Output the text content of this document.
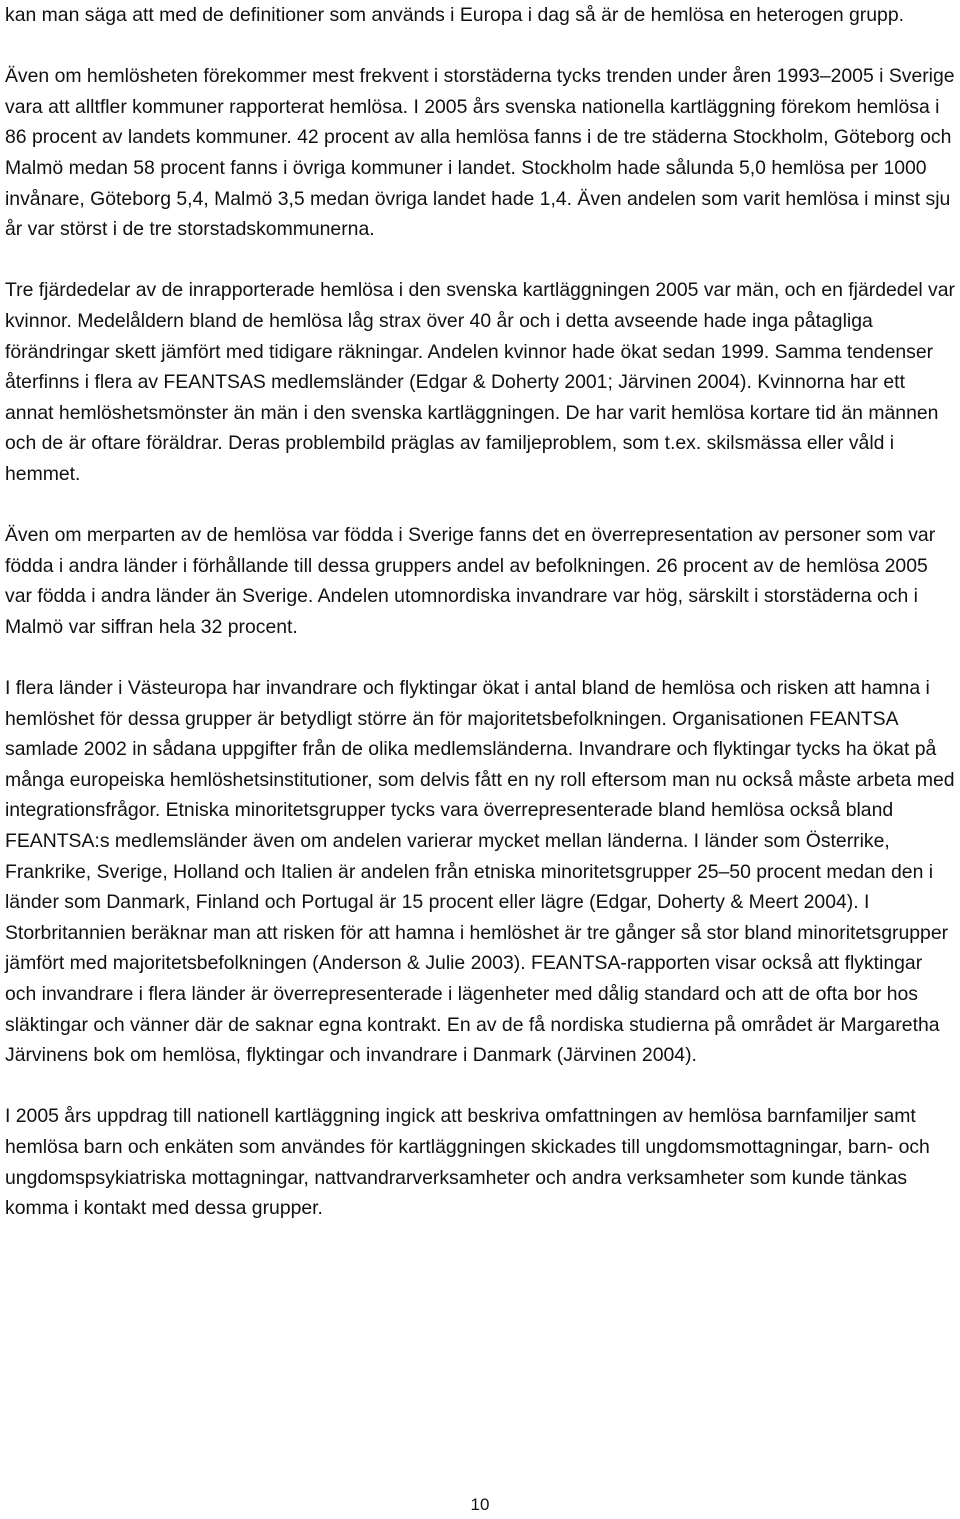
kan man säga att med de definitioner som används i Europa i dag så är de hemlösa en heterogen grupp.

Även om hemlösheten förekommer mest frekvent i storstäderna tycks trenden under åren 1993–2005 i Sverige vara att alltfler kommuner rapporterat hemlösa. I 2005 års svenska nationella kartläggning förekom hemlösa i 86 procent av landets kommuner. 42 procent av alla hemlösa fanns i de tre städerna Stockholm, Göteborg och Malmö medan 58 procent fanns i övriga kommuner i landet. Stockholm hade sålunda 5,0 hemlösa per 1000 invånare, Göteborg 5,4, Malmö 3,5 medan övriga landet hade 1,4. Även andelen som varit hemlösa i minst sju år var störst i de tre storstadskommunerna.

Tre fjärdedelar av de inrapporterade hemlösa i den svenska kartläggningen 2005 var män, och en fjärdedel var kvinnor. Medelåldern bland de hemlösa låg strax över 40 år och i detta avseende hade inga påtagliga förändringar skett jämfört med tidigare räkningar. Andelen kvinnor hade ökat sedan 1999. Samma tendenser återfinns i flera av FEANTSAS medlemsländer (Edgar & Doherty 2001; Järvinen 2004). Kvinnorna har ett annat hemlöshetsmönster än män i den svenska kartläggningen. De har varit hemlösa kortare tid än männen och de är oftare föräldrar. Deras problembild präglas av familjeproblem, som t.ex. skilsmässa eller våld i hemmet.

Även om merparten av de hemlösa var födda i Sverige fanns det en överrepresentation av personer som var födda i andra länder i förhållande till dessa gruppers andel av befolkningen. 26 procent av de hemlösa 2005 var födda i andra länder än Sverige. Andelen utomnordiska invandrare var hög, särskilt i storstäderna och i Malmö var siffran hela 32 procent.

I flera länder i Västeuropa har invandrare och flyktingar ökat i antal bland de hemlösa och risken att hamna i hemlöshet för dessa grupper är betydligt större än för majoritetsbefolkningen. Organisationen FEANTSA samlade 2002 in sådana uppgifter från de olika medlemsländerna. Invandrare och flyktingar tycks ha ökat på många europeiska hemlöshetsinstitutioner, som delvis fått en ny roll eftersom man nu också måste arbeta med integrationsfrågor. Etniska minoritetsgrupper tycks vara överrepresenterade bland hemlösa också bland FEANTSA:s medlemsländer även om andelen varierar mycket mellan länderna. I länder som Österrike, Frankrike, Sverige, Holland och Italien är andelen från etniska minoritetsgrupper 25–50 procent medan den i länder som Danmark, Finland och Portugal är 15 procent eller lägre (Edgar, Doherty & Meert 2004). I Storbritannien beräknar man att risken för att hamna i hemlöshet är tre gånger så stor bland minoritetsgrupper jämfört med majoritetsbefolkningen (Anderson & Julie 2003). FEANTSA-rapporten visar också att flyktingar och invandrare i flera länder är överrepresenterade i lägenheter med dålig standard och att de ofta bor hos släktingar och vänner där de saknar egna kontrakt. En av de få nordiska studierna på området är Margaretha Järvinens bok om hemlösa, flyktingar och invandrare i Danmark (Järvinen 2004).

I 2005 års uppdrag till nationell kartläggning ingick att beskriva omfattningen av hemlösa barnfamiljer samt hemlösa barn och enkäten som användes för kartläggningen skickades till ungdomsmottagningar, barn- och ungdomspsykiatriska mottagningar, nattvandrarverksamheter och andra verksamheter som kunde tänkas komma i kontakt med dessa grupper.

10
